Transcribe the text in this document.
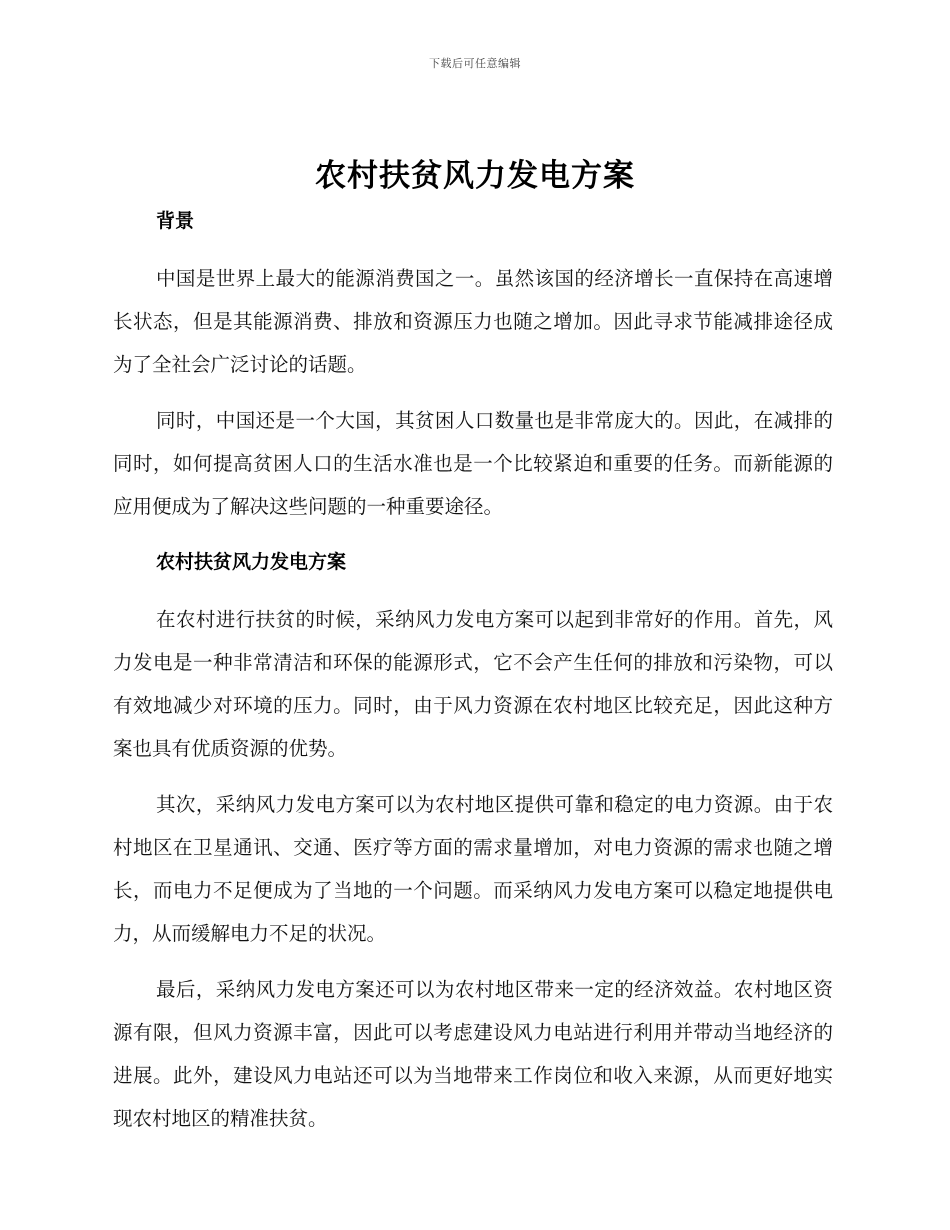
下载后可任意编辑
农村扶贫风力发电方案

背景

中国是世界上最大的能源消费国之一。虽然该国的经济增长一直保持在高速增长状态，但是其能源消费、排放和资源压力也随之增加。因此寻求节能减排途径成为了全社会广泛讨论的话题。

同时，中国还是一个大国，其贫困人口数量也是非常庞大的。因此，在减排的同时，如何提高贫困人口的生活水准也是一个比较紧迫和重要的任务。而新能源的应用便成为了解决这些问题的一种重要途径。

农村扶贫风力发电方案

在农村进行扶贫的时候，采纳风力发电方案可以起到非常好的作用。首先，风力发电是一种非常清洁和环保的能源形式，它不会产生任何的排放和污染物，可以有效地减少对环境的压力。同时，由于风力资源在农村地区比较充足，因此这种方案也具有优质资源的优势。

其次，采纳风力发电方案可以为农村地区提供可靠和稳定的电力资源。由于农村地区在卫星通讯、交通、医疗等方面的需求量增加，对电力资源的需求也随之增长，而电力不足便成为了当地的一个问题。而采纳风力发电方案可以稳定地提供电力，从而缓解电力不足的状况。

最后，采纳风力发电方案还可以为农村地区带来一定的经济效益。农村地区资源有限，但风力资源丰富，因此可以考虑建设风力电站进行利用并带动当地经济的进展。此外，建设风力电站还可以为当地带来工作岗位和收入来源，从而更好地实现农村地区的精准扶贫。
